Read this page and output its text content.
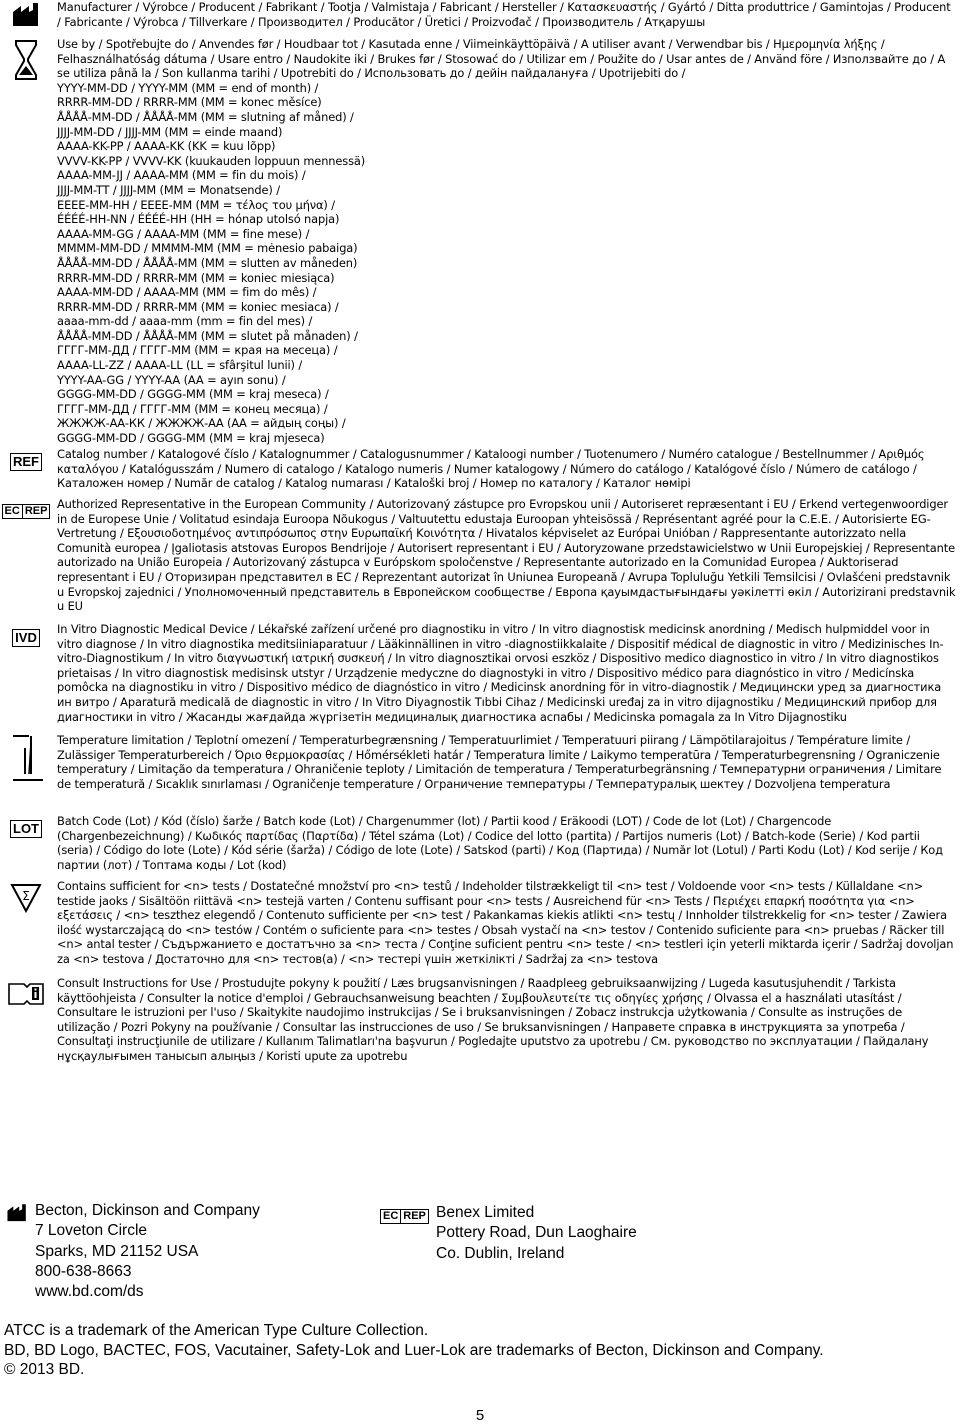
Manufacturer / Výrobce / Producent / Fabrikant / Tootja / Valmistaja / Fabricant / Hersteller / Κατασκευαστής / Gyártó / Ditta produttrice / Gamintojas / Producent / Fabricante / Výrobca / Tillverkare / Производител / Producător / Üretici / Proizvođač / Производитель / Атқарушы

Use by / Spotřebujte do / Anvendes før / Houdbaar tot / Kasutada enne / Viimeinkäyttöpäivä / A utiliser avant / Verwendbar bis / Ημερομηνία λήξης / Felhasználhatóság dátuma / Usare entro / Naudokite iki / Brukes før / Stosować do / Utilizar em / Použite do / Usar antes de / Använd före / Използвайте до / A se utiliza până la / Son kullanma tarihi / Upotrebiti do / Использовать до / дейін пайдалануға / Upotrijebiti do /

YYYY-MM-DD / YYYY-MM (MM = end of month) /

RRRR-MM-DD / RRRR-MM (MM = konec měsíce)

ÅÅÅÅ-MM-DD / ÅÅÅÅ-MM (MM = slutning af måned) /

JJJJ-MM-DD / JJJJ-MM (MM = einde maand)

AAAA-KK-PP / AAAA-KK (KK = kuu lõpp)

VVVV-KK-PP / VVVV-KK (kuukauden loppuun mennessä)

AAAA-MM-JJ / AAAA-MM (MM = fin du mois) /

JJJJ-MM-TT / JJJJ-MM (MM = Monatsende) /

ΕΕΕΕ-ΜΜ-ΗΗ / ΕΕΕΕ-ΜΜ (ΜΜ = τέλος του μήνα) /

ÉÉÉÉ-HH-NN / ÉÉÉÉ-HH (HH = hónap utolsó napja)

AAAA-MM-GG / AAAA-MM (MM = fine mese) /

MMMM-MM-DD / MMMM-MM (MM = mėnesio pabaiga)

ÅÅÅÅ-MM-DD / ÅÅÅÅ-MM (MM = slutten av måneden)

RRRR-MM-DD / RRRR-MM (MM = koniec miesiąca)

AAAA-MM-DD / AAAA-MM (MM = fim do mês) /

RRRR-MM-DD / RRRR-MM (MM = koniec mesiaca) /

aaaa-mm-dd / aaaa-mm (mm = fin del mes) /

ÅÅÅÅ-MM-DD / ÅÅÅÅ-MM (MM = slutet på månaden) /

ГГГГ-ММ-ДД / ГГГГ-ММ (ММ = края на месеца) /

AAAA-LL-ZZ / AAAA-LL (LL = sfârşitul lunii) /

YYYY-AA-GG / YYYY-AA (AA = ayın sonu) /

GGGG-MM-DD / GGGG-MM (MM = kraj meseca) /

ГГГГ-ММ-ДД / ГГГГ-ММ (ММ = конец месяца) /

ЖЖЖЖ-АА-КК / ЖЖЖЖ-АА (АА = айдың соңы) /

GGGG-MM-DD / GGGG-MM (MM = kraj mjeseca)

REF Catalog number / Katalogové číslo / Katalognummer / Catalogusnummer / Kataloogi number / Tuotenumero / Numéro catalogue / Bestellnummer / Αριθμός καταλόγου / Katalógusszám / Numero di catalogo / Katalogo numeris / Numer katalogowy / Número do catálogo / Katalógové číslo / Número de catálogo / Каталожен номер / Număr de catalog / Katalog numarası / Kataloški broj / Номер по каталогу / Каталог нөмірі
EC REP Authorized Representative in the European Community / Autorizovaný zástupce pro Evropskou unii / Autoriseret repræsentant i EU / Erkend vertegenwoordiger in de Europese Unie / Volitatud esindaja Euroopa Nõukogus / Valtuutettu edustaja Euroopan yhteisössä / Représentant agréé pour la C.E.E. / Autorisierte EG-Vertretung / Εξουσιοδοτημένος αντιπρόσωπος στην Ευρωπαϊκή Κοινότητα / Hivatalos képviselet az Európai Unióban / Rappresentante autorizzato nella Comunità europea / Įgaliotasis atstovas Europos Bendrijoje / Autorisert representant i EU / Autoryzowane przedstawicielstwo w Unii Europejskiej / Representante autorizado na União Europeia / Autorizovaný zástupca v Európskom spoločenstve / Representante autorizado en la Comunidad Europea / Auktoriserad representant i EU / Оторизиран представител в ЕС / Reprezentant autorizat în Uniunea Europeană / Avrupa Topluluğu Yetkili Temsilcisi / Ovlašćeni predstavnik u Evropskoj zajednici / Уполномоченный представитель в Европейском сообществе / Европа қауымдастығындағы уәкілетті өкіл / Autorizirani predstavnik u EU
IVD
In Vitro Diagnostic Medical Device / Lékařské zařízení určené pro diagnostiku in vitro / In vitro diagnostisk medicinsk anordning / Medisch hulpmiddel voor in vitro diagnose / In vitro diagnostika meditsiiniaparatuur / Lääkinnällinen in vitro -diagnostiikkalaite / Dispositif médical de diagnostic in vitro / Medizinisches In-vitro-Diagnostikum / In vitro διαγνωστική ιατρική συσκευή / In vitro diagnosztikai orvosi eszköz / Dispositivo medico diagnostico in vitro / In vitro diagnostikos prietaisas / In vitro diagnostisk medisinsk utstyr / Urządzenie medyczne do diagnostyki in vitro / Dispositivo médico para diagnóstico in vitro / Medicínska pomôcka na diagnostiku in vitro / Dispositivo médico de diagnóstico in vitro / Medicinsk anordning för in vitro-diagnostik / Медицински уред за диагностика ин витро / Aparatură medicală de diagnostic in vitro / In Vitro Diyagnostik Tıbbi Cihaz / Medicinski uređaj za in vitro dijagnostiku / Медицинский прибор для диагностики in vitro / Жасанды жағдайда жүргізетін медициналық диагностика аспабы / Medicinska pomagala za In Vitro Dijagnostiku
Temperature limitation / Teplotní omezení / Temperaturbegrænsning / Temperatuurlimiet / Temperatuuri piirang / Lämpötilarajoitus / Température limite / Zulässiger Temperaturbereich / Όριο θερμοκρασίας / Hőmérsékleti határ / Temperatura limite / Laikymo temperatūra / Temperaturbegrensning / Ograniczenie temperatury / Limitação da temperatura / Ohraničenie teploty / Limitación de temperatura / Temperaturbegränsning / Температурни ограничения / Limitare de temperatură / Sıcaklık sınırlaması / Ograničenje temperature / Ограничение температуры / Температуралық шектеу / Dozvoljena temperatura
LOT Batch Code (Lot) / Kód (číslo) šarže / Batch kode (Lot) / Chargenummer (lot) / Partii kood / Eräkoodi (LOT) / Code de lot (Lot) / Chargencode (Chargenbezeichnung) / Κωδικός παρτίδας (Παρτίδα) / Tétel száma (Lot) / Codice del lotto (partita) / Partijos numeris (Lot) / Batch-kode (Serie) / Kod partii (seria) / Código do lote (Lote) / Kód série (šarža) / Código de lote (Lote) / Satskod (parti) / Код (Партида) / Număr lot (Lotul) / Parti Kodu (Lot) / Kod serije / Код партии (лот) / Топтама коды / Lot (kod)
Σ
Contains sufficient for <n> tests / Dostatečné množství pro <n> testů / Indeholder tilstrækkeligt til <n> test / Voldoende voor <n> tests / Küllaldane <n> testide jaoks / Sisältöön riittävä <n> testejä varten / Contenu suffisant pour <n> tests / Ausreichend für <n> Tests / Περιέχει επαρκή ποσότητα για <n> εξετάσεις / <n> teszthez elegendő / Contenuto sufficiente per <n> test / Pakankamas kiekis atlikti <n> testų / Innholder tilstrekkelig for <n> tester / Zawiera ilość wystarczającą do <n> testów / Contém o suficiente para <n> testes / Obsah vystačí na <n> testov / Contenido suficiente para <n> pruebas / Räcker till <n> antal tester / Съдържанието е достатъчно за <n> теста / Conţine suficient pentru <n> teste / <n> testleri için yeterli miktarda içerir / Sadržaj dovoljan za <n> testova / Достаточно для <n> тестов(а) / <n> тестері үшін жеткілікті / Sadržaj za <n> testova
Consult Instructions for Use / Prostudujte pokyny k použití / Læs brugsanvisningen / Raadpleeg gebruiksaanwijzing / Lugeda kasutusjuhendit / Tarkista käyttöohjeista / Consulter la notice d'emploi / Gebrauchsanweisung beachten / Συμβουλευτείτε τις οδηγίες χρήσης / Olvassa el a használati utasítást / Consultare le istruzioni per l'uso / Skaitykite naudojimo instrukcijas / Se i bruksanvisningen / Zobacz instrukcja użytkowania / Consulte as instruções de utilização / Pozri Pokyny na používanie / Consultar las instrucciones de uso / Se bruksanvisningen / Направете справка в инструкцията за употреба / Consultaţi instrucţiunile de utilizare / Kullanım Talimatları'na başvurun / Pogledajte uputstvo za upotrebu / См. руководство по эксплуатации / Пайдалану нұсқаулығымен танысып алыңыз / Koristi upute za upotrebu
Becton, Dickinson and Company
7 Loveton Circle
Sparks, MD 21152 USA
800-638-8663
www.bd.com/ds
EC REP Benex Limited
Pottery Road, Dun Laoghaire
Co. Dublin, Ireland
ATCC is a trademark of the American Type Culture Collection.
BD, BD Logo, BACTEC, FOS, Vacutainer, Safety-Lok and Luer-Lok are trademarks of Becton, Dickinson and Company.
© 2013 BD.
5
